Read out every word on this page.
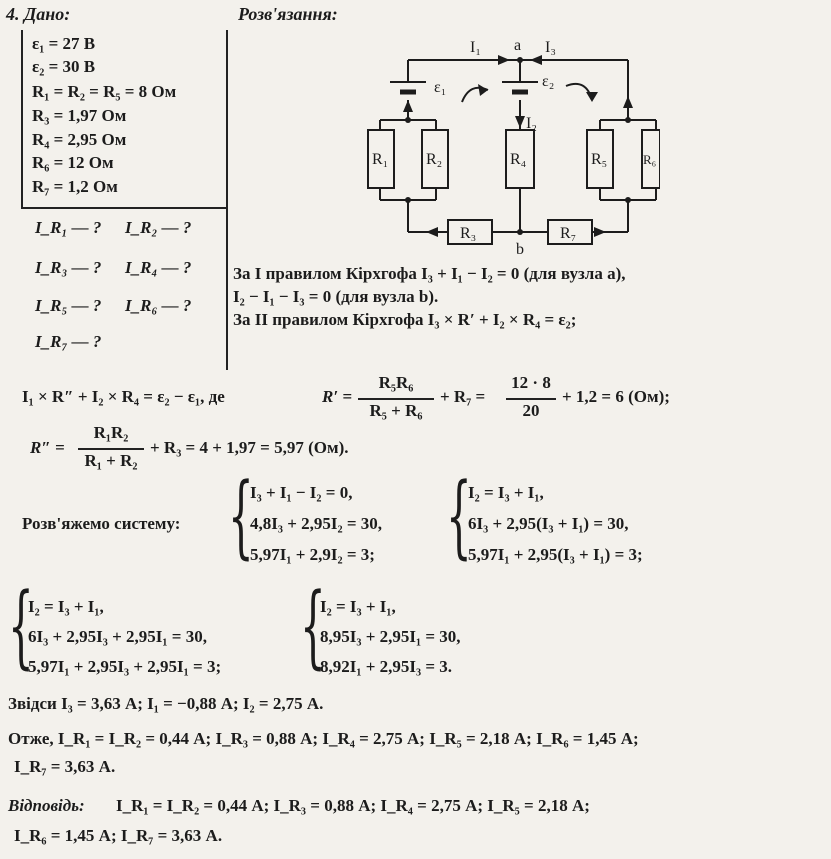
4. Дано:	Розв'язання:
ε₁ = 27 В
ε₂ = 30 В
R₁ = R₂ = R₅ = 8 Ом
R₃ = 1,97 Ом
R₄ = 2,95 Ом
R₆ = 12 Ом
R₇ = 1,2 Ом
I_R₁ — ? I_R₂ — ?
I_R₃ — ? I_R₄ — ?
I_R₅ — ? I_R₆ — ?
I_R₇ — ?
a
b
I₁	I₃
I₂
ε₁	ε₂
R₁ R₂	R₄	R₅	R₆
R₃	R₇
За I правилом Кірхгофа I₃ + I₁ − I₂ = 0 (для вузла a),
I₂ − I₁ − I₃ = 0 (для вузла b).
За II правилом Кірхгофа I₃ × R′ + I₂ × R₄ = ε₂;
I₁ × R″ + I₂ × R₄ = ε₂ − ε₁, де	R′ =
R₅R₆
R₅ + R₆
+ R₇ =
12 · 8
20
+ 1,2 = 6 (Ом);
R″ =
R₁R₂
R₁ + R₂
+ R₃ = 4 + 1,97 = 5,97 (Ом).
Розв'яжемо систему: {
I₃ + I₁ − I₂ = 0,
4,8I₃ + 2,95I₂ = 30,
5,97I₁ + 2,9I₂ = 3; {
I₂ = I₃ + I₁,
6I₃ + 2,95(I₃ + I₁) = 30,
5,97I₁ + 2,95(I₃ + I₁) = 3;
{
I₂ = I₃ + I₁,
6I₃ + 2,95I₃ + 2,95I₁ = 30,
5,97I₁ + 2,95I₃ + 2,95I₁ = 3; {
I₂ = I₃ + I₁,
8,95I₃ + 2,95I₁ = 30,
8,92I₁ + 2,95I₃ = 3.
Звідси I₃ = 3,63 А; I₁ = −0,88 А; I₂ = 2,75 А.
Отже, I_R₁ = I_R₂ = 0,44 А; I_R₃ = 0,88 А; I_R₄ = 2,75 А; I_R₅ = 2,18 А; I_R₆ = 1,45 А;
I_R₇ = 3,63 А.
Відповідь: I_R₁ = I_R₂ = 0,44 А; I_R₃ = 0,88 А; I_R₄ = 2,75 А; I_R₅ = 2,18 А;
I_R₆ = 1,45 А; I_R₇ = 3,63 А.
